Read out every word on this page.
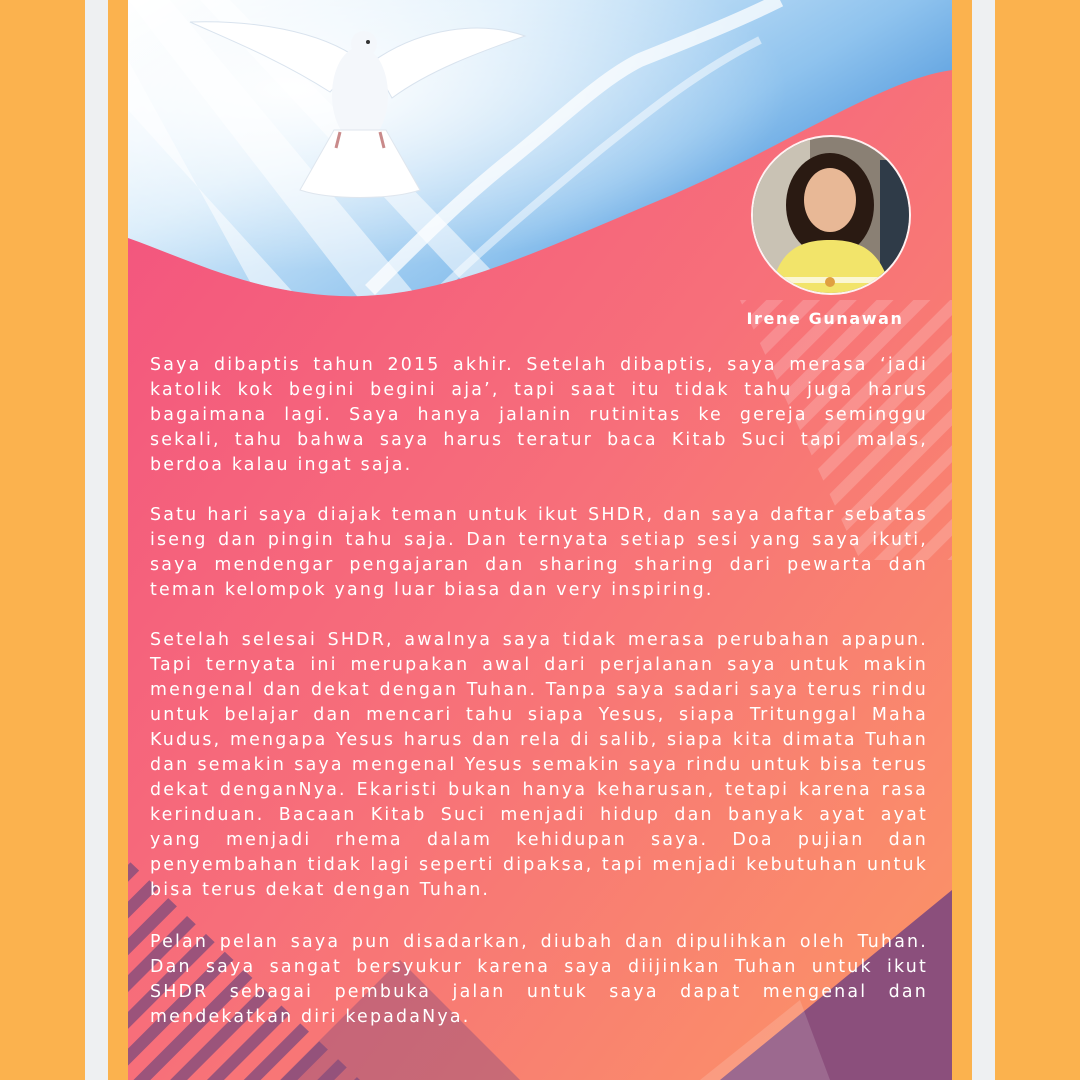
Irene Gunawan

Saya dibaptis tahun 2015 akhir. Setelah dibaptis, saya merasa ‘jadi katolik kok begini begini aja’, tapi saat itu tidak tahu juga harus bagaimana lagi. Saya hanya jalanin rutinitas ke gereja seminggu sekali, tahu bahwa saya harus teratur baca Kitab Suci tapi malas, berdoa kalau ingat saja.

Satu hari saya diajak teman untuk ikut SHDR, dan saya daftar sebatas iseng dan pingin tahu saja. Dan ternyata setiap sesi yang saya ikuti, saya mendengar pengajaran dan sharing sharing dari pewarta dan teman kelompok yang luar biasa dan very inspiring.

Setelah selesai SHDR, awalnya saya tidak merasa perubahan apapun. Tapi ternyata ini merupakan awal dari perjalanan saya untuk makin mengenal dan dekat dengan Tuhan. Tanpa saya sadari saya terus rindu untuk belajar dan mencari tahu siapa Yesus, siapa Tritunggal Maha Kudus, mengapa Yesus harus dan rela di salib, siapa kita dimata Tuhan dan semakin saya mengenal Yesus semakin saya rindu untuk bisa terus dekat denganNya. Ekaristi bukan hanya keharusan, tetapi karena rasa kerinduan. Bacaan Kitab Suci menjadi hidup dan banyak ayat ayat yang menjadi rhema dalam kehidupan saya. Doa pujian dan penyembahan tidak lagi seperti dipaksa, tapi menjadi kebutuhan untuk bisa terus dekat dengan Tuhan.

Pelan pelan saya pun disadarkan, diubah dan dipulihkan oleh Tuhan. Dan saya sangat bersyukur karena saya diijinkan Tuhan untuk ikut SHDR sebagai pembuka jalan untuk saya dapat mengenal dan mendekatkan diri kepadaNya.
